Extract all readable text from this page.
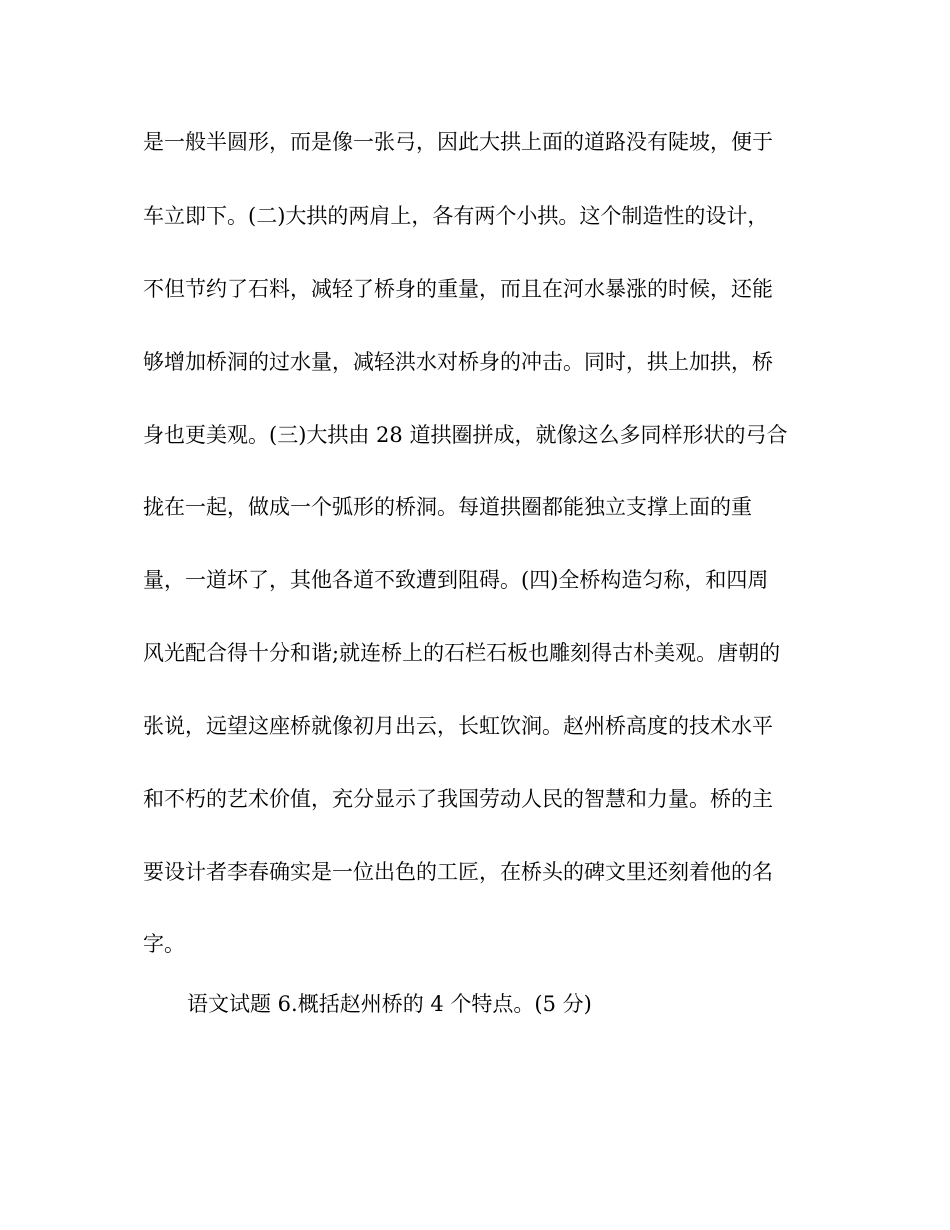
是一般半圆形，而是像一张弓，因此大拱上面的道路没有陡坡，便于
车立即下。(二)大拱的两肩上，各有两个小拱。这个制造性的设计，
不但节约了石料，减轻了桥身的重量，而且在河水暴涨的时候，还能
够增加桥洞的过水量，减轻洪水对桥身的冲击。同时，拱上加拱，桥
身也更美观。(三)大拱由 28 道拱圈拼成，就像这么多同样形状的弓合
拢在一起，做成一个弧形的桥洞。每道拱圈都能独立支撑上面的重
量，一道坏了，其他各道不致遭到阻碍。(四)全桥构造匀称，和四周
风光配合得十分和谐;就连桥上的石栏石板也雕刻得古朴美观。唐朝的
张说，远望这座桥就像初月出云，长虹饮涧。赵州桥高度的技术水平
和不朽的艺术价值，充分显示了我国劳动人民的智慧和力量。桥的主
要设计者李春确实是一位出色的工匠，在桥头的碑文里还刻着他的名
字。
语文试题 6.概括赵州桥的 4 个特点。(5 分)
